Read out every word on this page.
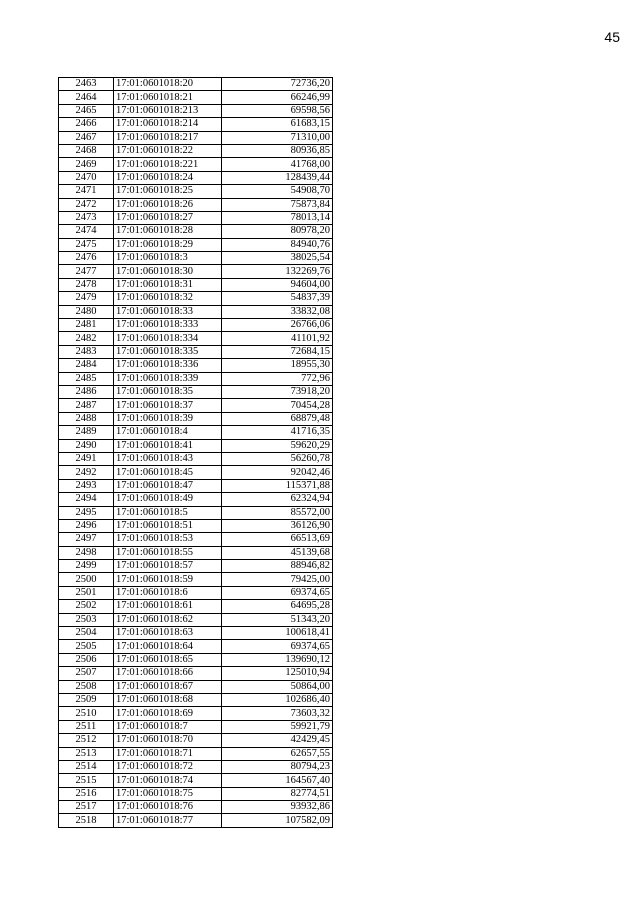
45
2463	17:01:0601018:20	72736,20
2464	17:01:0601018:21	66246,99
2465	17:01:0601018:213	69598,56
2466	17:01:0601018:214	61683,15
2467	17:01:0601018:217	71310,00
2468	17:01:0601018:22	80936,85
2469	17:01:0601018:221	41768,00
2470	17:01:0601018:24	128439,44
2471	17:01:0601018:25	54908,70
2472	17:01:0601018:26	75873,84
2473	17:01:0601018:27	78013,14
2474	17:01:0601018:28	80978,20
2475	17:01:0601018:29	84940,76
2476	17:01:0601018:3	38025,54
2477	17:01:0601018:30	132269,76
2478	17:01:0601018:31	94604,00
2479	17:01:0601018:32	54837,39
2480	17:01:0601018:33	33832,08
2481	17:01:0601018:333	26766,06
2482	17:01:0601018:334	41101,92
2483	17:01:0601018:335	72684,15
2484	17:01:0601018:336	18955,30
2485	17:01:0601018:339	772,96
2486	17:01:0601018:35	73918,20
2487	17:01:0601018:37	70454,28
2488	17:01:0601018:39	68879,48
2489	17:01:0601018:4	41716,35
2490	17:01:0601018:41	59620,29
2491	17:01:0601018:43	56260,78
2492	17:01:0601018:45	92042,46
2493	17:01:0601018:47	115371,88
2494	17:01:0601018:49	62324,94
2495	17:01:0601018:5	85572,00
2496	17:01:0601018:51	36126,90
2497	17:01:0601018:53	66513,69
2498	17:01:0601018:55	45139,68
2499	17:01:0601018:57	88946,82
2500	17:01:0601018:59	79425,00
2501	17:01:0601018:6	69374,65
2502	17:01:0601018:61	64695,28
2503	17:01:0601018:62	51343,20
2504	17:01:0601018:63	100618,41
2505	17:01:0601018:64	69374,65
2506	17:01:0601018:65	139690,12
2507	17:01:0601018:66	125010,94
2508	17:01:0601018:67	50864,00
2509	17:01:0601018:68	102686,40
2510	17:01:0601018:69	73603,32
2511	17:01:0601018:7	59921,79
2512	17:01:0601018:70	42429,45
2513	17:01:0601018:71	62657,55
2514	17:01:0601018:72	80794,23
2515	17:01:0601018:74	164567,40
2516	17:01:0601018:75	82774,51
2517	17:01:0601018:76	93932,86
2518	17:01:0601018:77	107582,09
